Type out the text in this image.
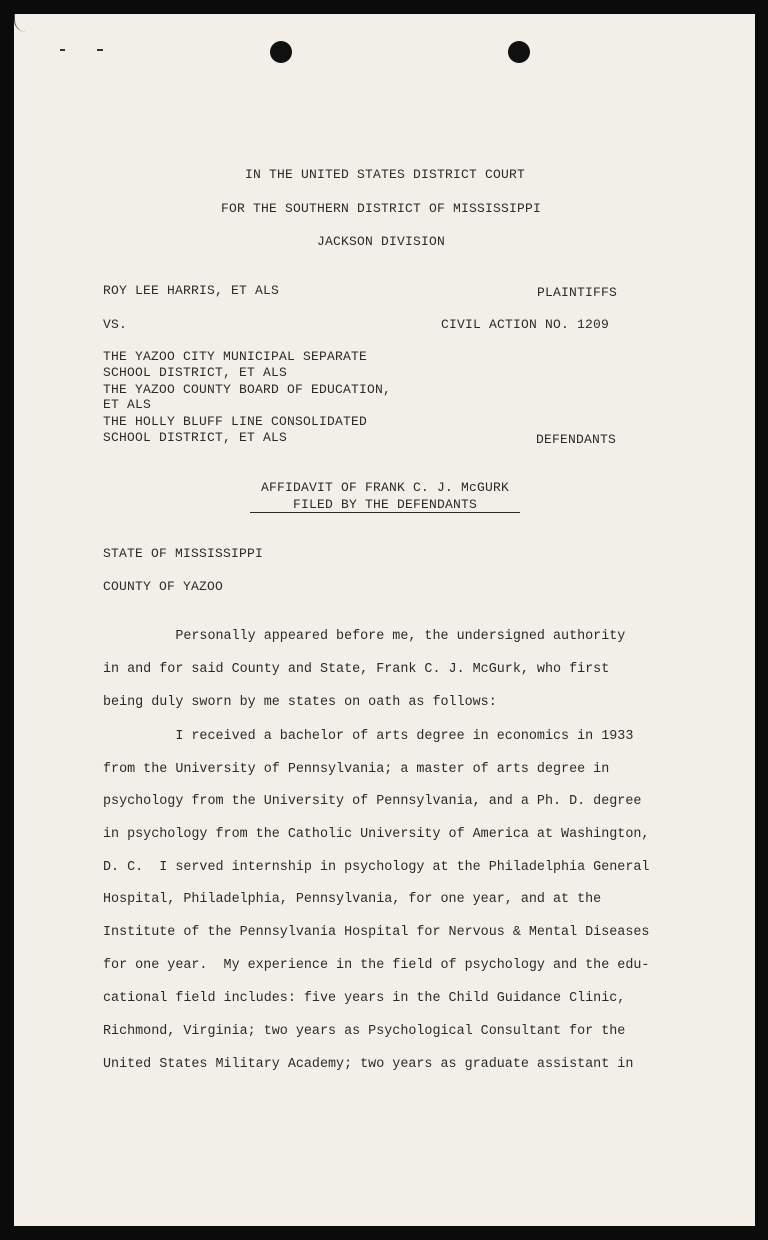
IN THE UNITED STATES DISTRICT COURT
FOR THE SOUTHERN DISTRICT OF MISSISSIPPI
JACKSON DIVISION
ROY LEE HARRIS, ET ALS	PLAINTIFFS
VS.	CIVIL ACTION NO. 1209
THE YAZOO CITY MUNICIPAL SEPARATE
SCHOOL DISTRICT, ET ALS
THE YAZOO COUNTY BOARD OF EDUCATION,
ET ALS
THE HOLLY BLUFF LINE CONSOLIDATED
SCHOOL DISTRICT, ET ALS	DEFENDANTS
AFFIDAVIT OF FRANK C. J. McGURK
FILED BY THE DEFENDANTS
STATE OF MISSISSIPPI
COUNTY OF YAZOO
Personally appeared before me, the undersigned authority
in and for said County and State, Frank C. J. McGurk, who first
being duly sworn by me states on oath as follows:
I received a bachelor of arts degree in economics in 1933
from the University of Pennsylvania; a master of arts degree in
psychology from the University of Pennsylvania, and a Ph. D. degree
in psychology from the Catholic University of America at Washington,
D. C.  I served internship in psychology at the Philadelphia General
Hospital, Philadelphia, Pennsylvania, for one year, and at the
Institute of the Pennsylvania Hospital for Nervous & Mental Diseases
for one year.  My experience in the field of psychology and the edu-
cational field includes: five years in the Child Guidance Clinic,
Richmond, Virginia; two years as Psychological Consultant for the
United States Military Academy; two years as graduate assistant in
